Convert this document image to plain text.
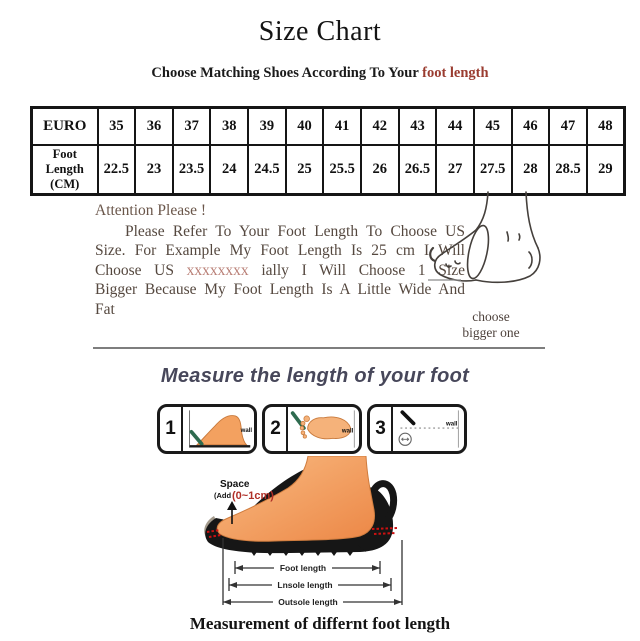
Size Chart
Choose Matching Shoes According To Your foot length
EURO	35	36	37	38	39	40	41	42	43	44	45	46	47	48
Foot Length (CM)	22.5	23	23.5	24	24.5	25	25.5	26	26.5	27	27.5	28	28.5	29
Attention Please !

Please Refer To Your Foot Length To Choose US Size. For Example My Foot Length Is 25 cm I Will Choose US xxxxxxxx ially I Will Choose 1 Size Bigger Because My Foot Length Is A Little Wide And Fat	choose
bigger one
Measure the length of your foot
1	wall 2	wall 3	wall
Space
(Add (0~1cm)
Foot length
Lnsole length
Outsole length
Measurement of differnt foot length
